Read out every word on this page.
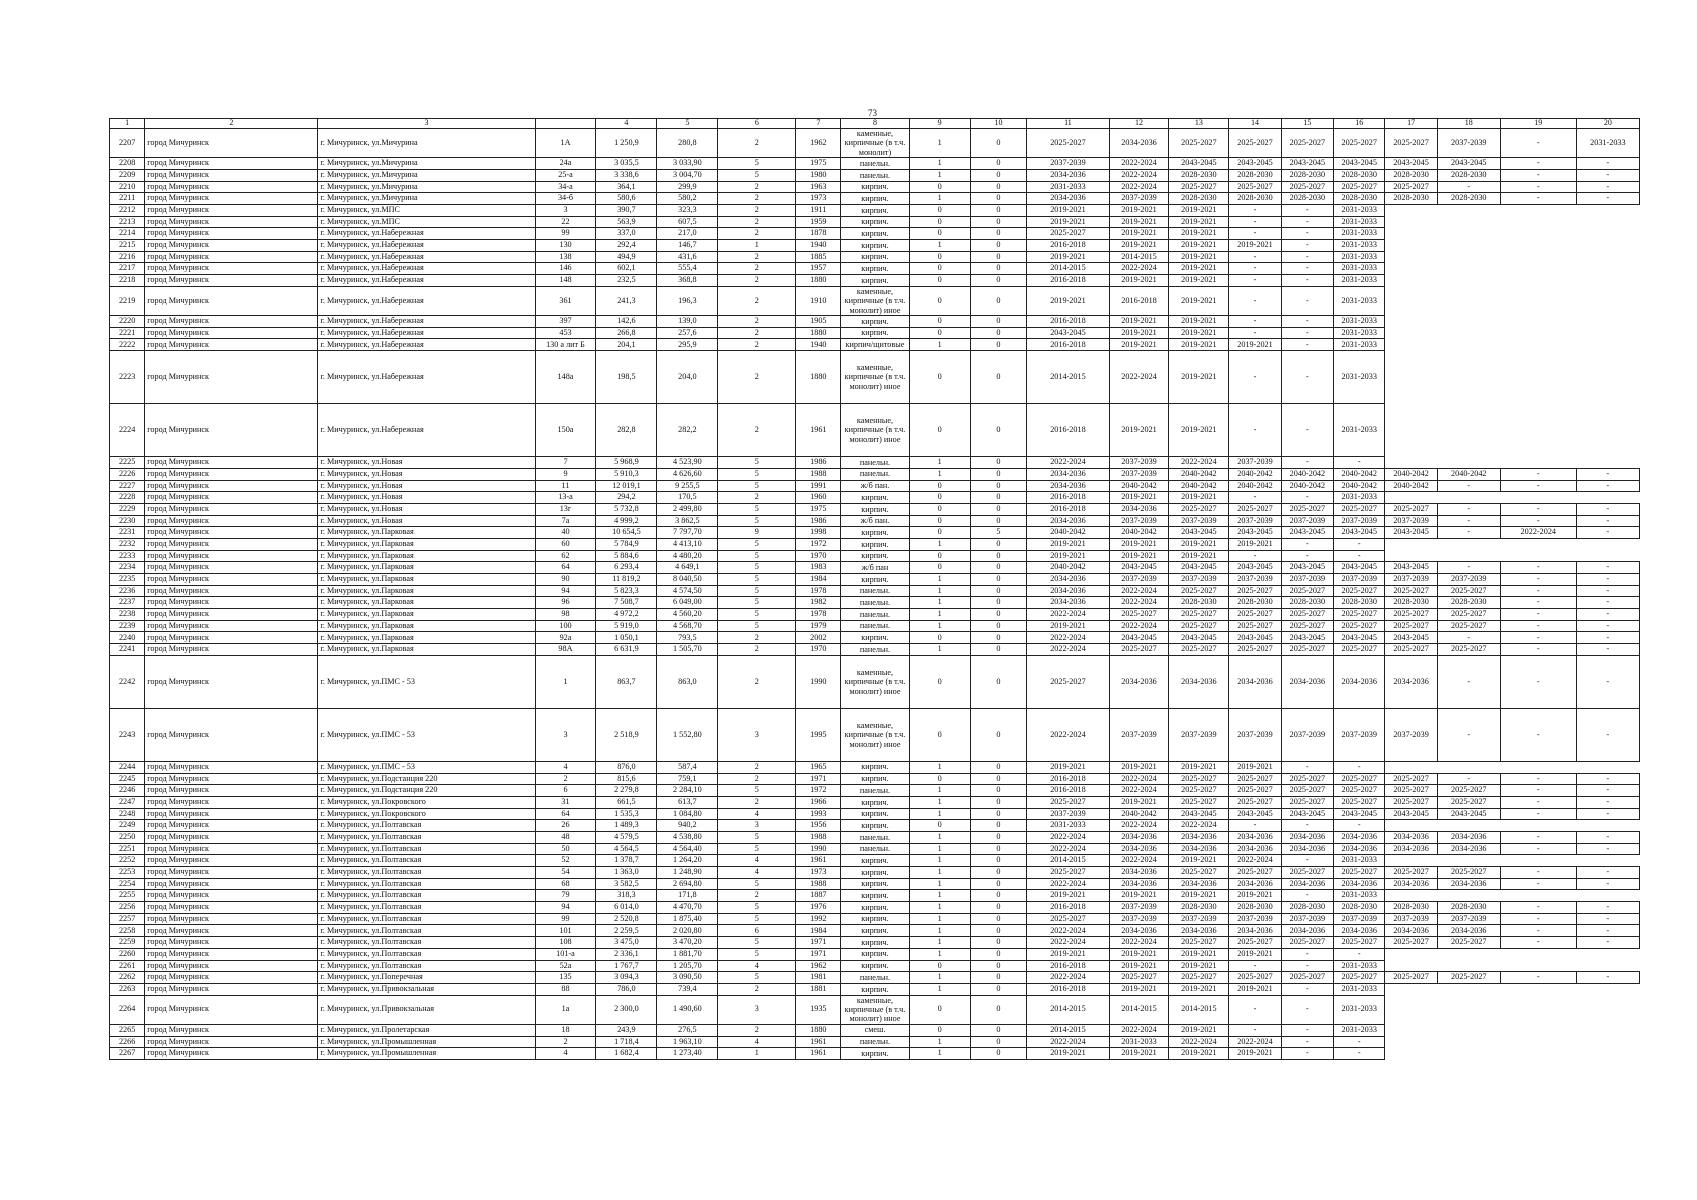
73
1	2	3		4	5	6	7	8	9	10	11	12	13	14	15	16	17	18	19	20
2207	город Мичуринск	г. Мичуринск, ул.Мичурина	1А	1 250,9	280,8	2	1962	каменные, кирпичные (в т.ч. монолит)	1	0	2025-2027	2034-2036	2025-2027	2025-2027	2025-2027	2025-2027	2025-2027	2037-2039	-	2031-2033
2208	город Мичуринск	г. Мичуринск, ул.Мичурина	24а	3 035,5	3 033,90	5	1975	панельн.	1	0	2037-2039	2022-2024	2043-2045	2043-2045	2043-2045	2043-2045	2043-2045	2043-2045	-	-
2209	город Мичуринск	г. Мичуринск, ул.Мичурина	25-а	3 338,6	3 004,70	5	1980	панельн.	1	0	2034-2036	2022-2024	2028-2030	2028-2030	2028-2030	2028-2030	2028-2030	2028-2030	-	-
2210	город Мичуринск	г. Мичуринск, ул.Мичурина	34-а	364,1	299,9	2	1963	кирпич.	0	0	2031-2033	2022-2024	2025-2027	2025-2027	2025-2027	2025-2027	2025-2027	-	-	-
2211	город Мичуринск	г. Мичуринск, ул.Мичурина	34-б	580,6	580,2	2	1973	кирпич.	1	0	2034-2036	2037-2039	2028-2030	2028-2030	2028-2030	2028-2030	2028-2030	2028-2030	-	-
2212	город Мичуринск	г. Мичуринск, ул.МПС	3	390,7	323,3	2	1911	кирпич.	0	0	2019-2021	2019-2021	2019-2021	-	-	2031-2033				
2213	город Мичуринск	г. Мичуринск, ул.МПС	22	563,9	607,5	2	1959	кирпич.	0	0	2019-2021	2019-2021	2019-2021	-	-	2031-2033				
2214	город Мичуринск	г. Мичуринск, ул.Набережная	99	337,0	217,0	2	1878	кирпич.	0	0	2025-2027	2019-2021	2019-2021	-	-	2031-2033				
2215	город Мичуринск	г. Мичуринск, ул.Набережная	130	292,4	146,7	1	1940	кирпич.	1	0	2016-2018	2019-2021	2019-2021	2019-2021	-	2031-2033				
2216	город Мичуринск	г. Мичуринск, ул.Набережная	138	494,9	431,6	2	1885	кирпич.	0	0	2019-2021	2014-2015	2019-2021	-	-	2031-2033				
2217	город Мичуринск	г. Мичуринск, ул.Набережная	146	602,1	555,4	2	1957	кирпич.	0	0	2014-2015	2022-2024	2019-2021	-	-	2031-2033				
2218	город Мичуринск	г. Мичуринск, ул.Набережная	148	232,5	368,8	2	1880	кирпич.	0	0	2016-2018	2019-2021	2019-2021	-	-	2031-2033				
2219	город Мичуринск	г. Мичуринск, ул.Набережная	361	241,3	196,3	2	1910	каменные, кирпичные (в т.ч. монолит) иное	0	0	2019-2021	2016-2018	2019-2021	-	-	2031-2033				
2220	город Мичуринск	г. Мичуринск, ул.Набережная	397	142,6	139,0	2	1905	кирпич.	0	0	2016-2018	2019-2021	2019-2021	-	-	2031-2033				
2221	город Мичуринск	г. Мичуринск, ул.Набережная	453	266,8	257,6	2	1880	кирпич.	0	0	2043-2045	2019-2021	2019-2021	-	-	2031-2033				
2222	город Мичуринск	г. Мичуринск, ул.Набережная	130 а лит Б	204,1	295,9	2	1940	кирпич/щитовые	1	0	2016-2018	2019-2021	2019-2021	2019-2021	-	2031-2033				
2223	город Мичуринск	г. Мичуринск, ул.Набережная	148а	198,5	204,0	2	1880	каменные, кирпичные (в т.ч. монолит) иное	0	0	2014-2015	2022-2024	2019-2021	-	-	2031-2033				
2224	город Мичуринск	г. Мичуринск, ул.Набережная	150а	282,8	282,2	2	1961	каменные, кирпичные (в т.ч. монолит) иное	0	0	2016-2018	2019-2021	2019-2021	-	-	2031-2033				
2225	город Мичуринск	г. Мичуринск, ул.Новая	7	5 968,9	4 523,90	5	1986	панельн.	1	0	2022-2024	2037-2039	2022-2024	2037-2039	-	-				
2226	город Мичуринск	г. Мичуринск, ул.Новая	9	5 910,3	4 626,60	5	1988	панельн.	1	0	2034-2036	2037-2039	2040-2042	2040-2042	2040-2042	2040-2042	2040-2042	2040-2042	-	-
2227	город Мичуринск	г. Мичуринск, ул.Новая	11	12 019,1	9 255,5	5	1991	ж/б пан.	0	0	2034-2036	2040-2042	2040-2042	2040-2042	2040-2042	2040-2042	2040-2042	-	-	-
2228	город Мичуринск	г. Мичуринск, ул.Новая	13-а	294,2	170,5	2	1960	кирпич.	0	0	2016-2018	2019-2021	2019-2021	-	-	2031-2033				
2229	город Мичуринск	г. Мичуринск, ул.Новая	13г	5 732,8	2 499,80	5	1975	кирпич.	0	0	2016-2018	2034-2036	2025-2027	2025-2027	2025-2027	2025-2027	2025-2027	-	-	-
2230	город Мичуринск	г. Мичуринск, ул.Новая	7а	4 999,2	3 862,5	5	1986	ж/б пан.	0	0	2034-2036	2037-2039	2037-2039	2037-2039	2037-2039	2037-2039	2037-2039	-	-	-
2231	город Мичуринск	г. Мичуринск, ул.Парковая	40	10 654,5	7 797,70	9	1998	кирпич.	0	5	2040-2042	2040-2042	2043-2045	2043-2045	2043-2045	2043-2045	2043-2045	-	2022-2024	-
2232	город Мичуринск	г. Мичуринск, ул.Парковая	60	5 784,9	4 413,10	5	1972	кирпич.	1	0	2019-2021	2019-2021	2019-2021	2019-2021	-	-				
2233	город Мичуринск	г. Мичуринск, ул.Парковая	62	5 884,6	4 480,20	5	1970	кирпич.	0	0	2019-2021	2019-2021	2019-2021	-	-	-				
2234	город Мичуринск	г. Мичуринск, ул.Парковая	64	6 293,4	4 649,1	5	1983	ж/б пан	0	0	2040-2042	2043-2045	2043-2045	2043-2045	2043-2045	2043-2045	2043-2045	-	-	-
2235	город Мичуринск	г. Мичуринск, ул.Парковая	90	11 819,2	8 040,50	5	1984	кирпич.	1	0	2034-2036	2037-2039	2037-2039	2037-2039	2037-2039	2037-2039	2037-2039	2037-2039	-	-
2236	город Мичуринск	г. Мичуринск, ул.Парковая	94	5 823,3	4 574,50	5	1978	панельн.	1	0	2034-2036	2022-2024	2025-2027	2025-2027	2025-2027	2025-2027	2025-2027	2025-2027	-	-
2237	город Мичуринск	г. Мичуринск, ул.Парковая	96	7 508,7	6 049,00	5	1982	панельн.	1	0	2034-2036	2022-2024	2028-2030	2028-2030	2028-2030	2028-2030	2028-2030	2028-2030	-	-
2238	город Мичуринск	г. Мичуринск, ул.Парковая	98	4 972,2	4 560,20	5	1978	панельн.	1	0	2022-2024	2025-2027	2025-2027	2025-2027	2025-2027	2025-2027	2025-2027	2025-2027	-	-
2239	город Мичуринск	г. Мичуринск, ул.Парковая	100	5 919,0	4 568,70	5	1979	панельн.	1	0	2019-2021	2022-2024	2025-2027	2025-2027	2025-2027	2025-2027	2025-2027	2025-2027	-	-
2240	город Мичуринск	г. Мичуринск, ул.Парковая	92а	1 050,1	793,5	2	2002	кирпич.	0	0	2022-2024	2043-2045	2043-2045	2043-2045	2043-2045	2043-2045	2043-2045	-	-	-
2241	город Мичуринск	г. Мичуринск, ул.Парковая	98А	6 631,9	1 505,70	2	1970	панельн.	1	0	2022-2024	2025-2027	2025-2027	2025-2027	2025-2027	2025-2027	2025-2027	2025-2027	-	-
2242	город Мичуринск	г. Мичуринск, ул.ПМС - 53	1	863,7	863,0	2	1990	каменные, кирпичные (в т.ч. монолит) иное	0	0	2025-2027	2034-2036	2034-2036	2034-2036	2034-2036	2034-2036	2034-2036	-	-	-
2243	город Мичуринск	г. Мичуринск, ул.ПМС - 53	3	2 518,9	1 552,80	3	1995	каменные, кирпичные (в т.ч. монолит) иное	0	0	2022-2024	2037-2039	2037-2039	2037-2039	2037-2039	2037-2039	2037-2039	-	-	-
2244	город Мичуринск	г. Мичуринск, ул.ПМС - 53	4	876,0	587,4	2	1965	кирпич.	1	0	2019-2021	2019-2021	2019-2021	2019-2021	-	-				
2245	город Мичуринск	г. Мичуринск, ул.Подстанция 220	2	815,6	759,1	2	1971	кирпич.	0	0	2016-2018	2022-2024	2025-2027	2025-2027	2025-2027	2025-2027	2025-2027	-	-	-
2246	город Мичуринск	г. Мичуринск, ул.Подстанция 220	6	2 279,8	2 284,10	5	1972	панельн.	1	0	2016-2018	2022-2024	2025-2027	2025-2027	2025-2027	2025-2027	2025-2027	2025-2027	-	-
2247	город Мичуринск	г. Мичуринск, ул.Покровского	31	661,5	613,7	2	1966	кирпич.	1	0	2025-2027	2019-2021	2025-2027	2025-2027	2025-2027	2025-2027	2025-2027	2025-2027	-	-
2248	город Мичуринск	г. Мичуринск, ул.Покровского	64	1 535,3	1 084,80	4	1993	кирпич.	1	0	2037-2039	2040-2042	2043-2045	2043-2045	2043-2045	2043-2045	2043-2045	2043-2045	-	-
2249	город Мичуринск	г. Мичуринск, ул.Полтавская	26	1 489,3	940,2	3	1956	кирпич.	0	0	2031-2033	2022-2024	2022-2024	-	-	-				
2250	город Мичуринск	г. Мичуринск, ул.Полтавская	48	4 579,5	4 538,80	5	1988	панельн.	1	0	2022-2024	2034-2036	2034-2036	2034-2036	2034-2036	2034-2036	2034-2036	2034-2036	-	-
2251	город Мичуринск	г. Мичуринск, ул.Полтавская	50	4 564,5	4 564,40	5	1990	панельн.	1	0	2022-2024	2034-2036	2034-2036	2034-2036	2034-2036	2034-2036	2034-2036	2034-2036	-	-
2252	город Мичуринск	г. Мичуринск, ул.Полтавская	52	1 378,7	1 264,20	4	1961	кирпич.	1	0	2014-2015	2022-2024	2019-2021	2022-2024	-	2031-2033				
2253	город Мичуринск	г. Мичуринск, ул.Полтавская	54	1 363,0	1 248,90	4	1973	кирпич.	1	0	2025-2027	2034-2036	2025-2027	2025-2027	2025-2027	2025-2027	2025-2027	2025-2027	-	-
2254	город Мичуринск	г. Мичуринск, ул.Полтавская	68	3 582,5	2 694,80	5	1988	кирпич.	1	0	2022-2024	2034-2036	2034-2036	2034-2036	2034-2036	2034-2036	2034-2036	2034-2036	-	-
2255	город Мичуринск	г. Мичуринск, ул.Полтавская	79	318,3	171,8	2	1887	кирпич.	1	0	2019-2021	2019-2021	2019-2021	2019-2021	-	2031-2033				
2256	город Мичуринск	г. Мичуринск, ул.Полтавская	94	6 014,0	4 470,70	5	1976	кирпич.	1	0	2016-2018	2037-2039	2028-2030	2028-2030	2028-2030	2028-2030	2028-2030	2028-2030	-	-
2257	город Мичуринск	г. Мичуринск, ул.Полтавская	99	2 520,8	1 875,40	5	1992	кирпич.	1	0	2025-2027	2037-2039	2037-2039	2037-2039	2037-2039	2037-2039	2037-2039	2037-2039	-	-
2258	город Мичуринск	г. Мичуринск, ул.Полтавская	101	2 259,5	2 020,80	6	1984	кирпич.	1	0	2022-2024	2034-2036	2034-2036	2034-2036	2034-2036	2034-2036	2034-2036	2034-2036	-	-
2259	город Мичуринск	г. Мичуринск, ул.Полтавская	108	3 475,0	3 470,20	5	1971	кирпич.	1	0	2022-2024	2022-2024	2025-2027	2025-2027	2025-2027	2025-2027	2025-2027	2025-2027	-	-
2260	город Мичуринск	г. Мичуринск, ул.Полтавская	101-а	2 336,1	1 881,70	5	1971	кирпич.	1	0	2019-2021	2019-2021	2019-2021	2019-2021	-	-				
2261	город Мичуринск	г. Мичуринск, ул.Полтавская	52а	1 767,7	1 205,70	4	1962	кирпич.	0	0	2016-2018	2019-2021	2019-2021	-	-	2031-2033				
2262	город Мичуринск	г. Мичуринск, ул.Поперечная	135	3 094,3	3 090,50	5	1981	панельн.	1	0	2022-2024	2025-2027	2025-2027	2025-2027	2025-2027	2025-2027	2025-2027	2025-2027	-	-
2263	город Мичуринск	г. Мичуринск, ул.Привокзальная	88	786,0	739,4	2	1881	кирпич.	1	0	2016-2018	2019-2021	2019-2021	2019-2021	-	2031-2033				
2264	город Мичуринск	г. Мичуринск, ул.Привокзальная	1а	2 300,0	1 490,60	3	1935	каменные, кирпичные (в т.ч. монолит) иное	0	0	2014-2015	2014-2015	2014-2015	-	-	2031-2033				
2265	город Мичуринск	г. Мичуринск, ул.Пролетарская	18	243,9	276,5	2	1880	смеш.	0	0	2014-2015	2022-2024	2019-2021	-	-	2031-2033				
2266	город Мичуринск	г. Мичуринск, ул.Промышленная	2	1 718,4	1 963,10	4	1961	панельн.	1	0	2022-2024	2031-2033	2022-2024	2022-2024	-	-				
2267	город Мичуринск	г. Мичуринск, ул.Промышленная	4	1 682,4	1 273,40	1	1961	кирпич.	1	0	2019-2021	2019-2021	2019-2021	2019-2021	-	-				
